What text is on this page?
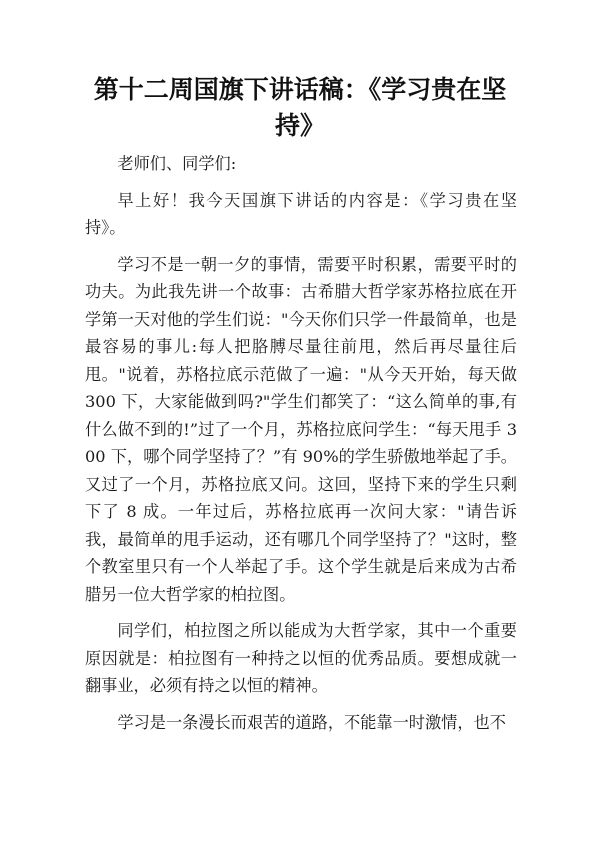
第十二周国旗下讲话稿：《学习贵在坚持》

老师们、同学们:

早上好！我今天国旗下讲话的内容是：《学习贵在坚持》。

学习不是一朝一夕的事情，需要平时积累，需要平时的功夫。为此我先讲一个故事：古希腊大哲学家苏格拉底在开学第一天对他的学生们说："今天你们只学一件最简单，也是最容易的事儿:每人把胳膊尽量往前甩，然后再尽量往后甩。"说着，苏格拉底示范做了一遍："从今天开始，每天做 300 下，大家能做到吗?"学生们都笑了：“这么简单的事,有什么做不到的!”过了一个月，苏格拉底问学生：“每天甩手 300 下，哪个同学坚持了？”有 90%的学生骄傲地举起了手。又过了一个月，苏格拉底又问。这回，坚持下来的学生只剩下了 8 成。一年过后，苏格拉底再一次问大家："请告诉我，最简单的甩手运动，还有哪几个同学坚持了？"这时，整个教室里只有一个人举起了手。这个学生就是后来成为古希腊另一位大哲学家的柏拉图。

同学们，柏拉图之所以能成为大哲学家，其中一个重要原因就是：柏拉图有一种持之以恒的优秀品质。要想成就一翻事业，必须有持之以恒的精神。

学习是一条漫长而艰苦的道路，不能靠一时激情，也不
